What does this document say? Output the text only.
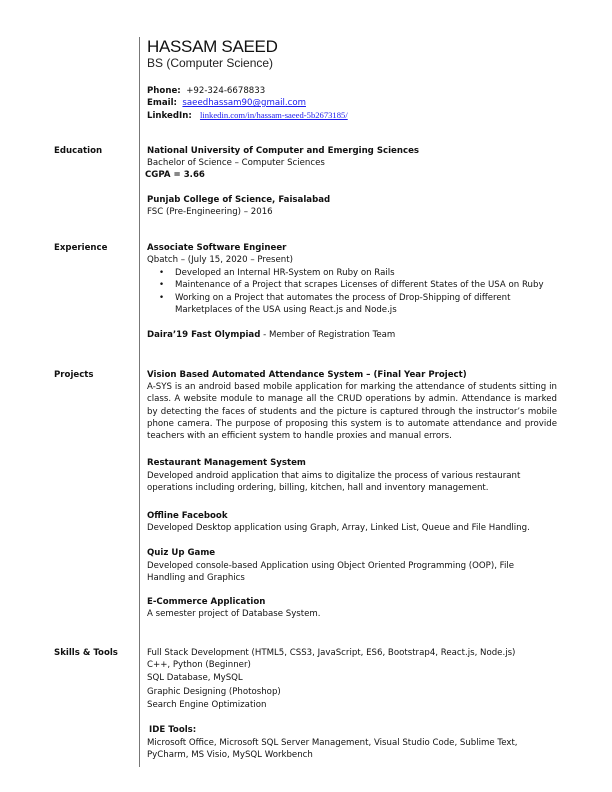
HASSAM SAEED
BS (Computer Science)
Phone: +92-324-6678833
Email: saeedhassam90@gmail.com
LinkedIn: linkedin.com/in/hassam-saeed-5b2673185/
Education	National University of Computer and Emerging Sciences
Bachelor of Science – Computer Sciences
CGPA = 3.66
Punjab College of Science, Faisalabad
FSC (Pre-Engineering) – 2016
Experience	Associate Software Engineer
Qbatch – (July 15, 2020 – Present)
• Developed an Internal HR-System on Ruby on Rails
• Maintenance of a Project that scrapes Licenses of different States of the USA on Ruby
• Working on a Project that automates the process of Drop-Shipping of different Marketplaces of the USA using React.js and Node.js
Daira’19 Fast Olympiad - Member of Registration Team
Projects	Vision Based Automated Attendance System – (Final Year Project)
A-SYS is an android based mobile application for marking the attendance of students sitting in class. A website module to manage all the CRUD operations by admin. Attendance is marked by detecting the faces of students and the picture is captured through the instructor’s mobile phone camera. The purpose of proposing this system is to automate attendance and provide teachers with an efficient system to handle proxies and manual errors.
Restaurant Management System
Developed android application that aims to digitalize the process of various restaurant operations including ordering, billing, kitchen, hall and inventory management.
Offline Facebook
Developed Desktop application using Graph, Array, Linked List, Queue and File Handling.
Quiz Up Game
Developed console-based Application using Object Oriented Programming (OOP), File Handling and Graphics
E-Commerce Application
A semester project of Database System.
Skills & Tools	Full Stack Development (HTML5, CSS3, JavaScript, ES6, Bootstrap4, React.js, Node.js)
C++, Python (Beginner)
SQL Database, MySQL
Graphic Designing (Photoshop)
Search Engine Optimization
IDE Tools:
Microsoft Office, Microsoft SQL Server Management, Visual Studio Code, Sublime Text, PyCharm, MS Visio, MySQL Workbench
